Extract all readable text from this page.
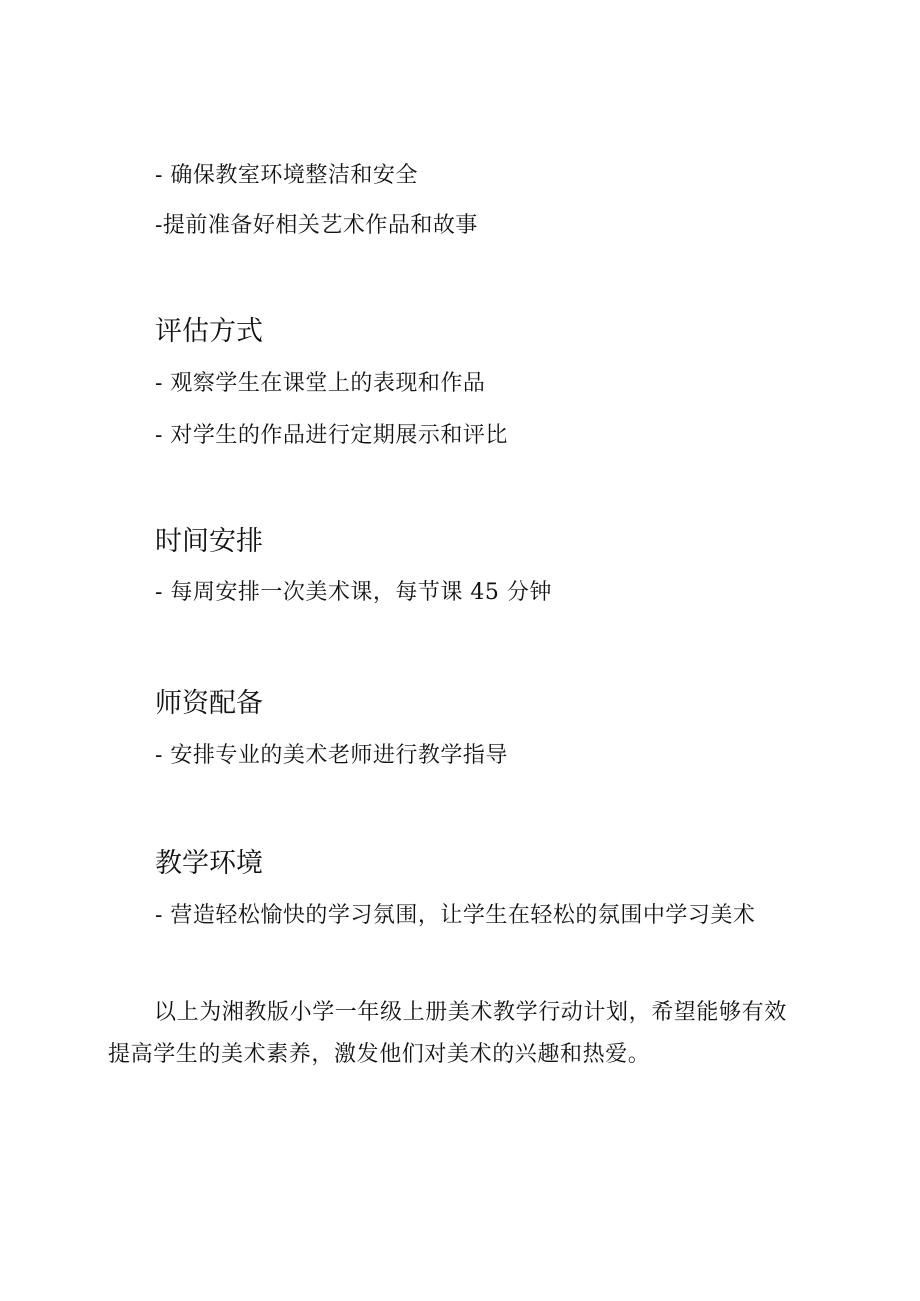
- 确保教室环境整洁和安全
-提前准备好相关艺术作品和故事
评估方式
- 观察学生在课堂上的表现和作品
- 对学生的作品进行定期展示和评比
时间安排
- 每周安排一次美术课，每节课 45 分钟
师资配备
- 安排专业的美术老师进行教学指导
教学环境
- 营造轻松愉快的学习氛围，让学生在轻松的氛围中学习美术
以上为湘教版小学一年级上册美术教学行动计划，希望能够有效提高学生的美术素养，激发他们对美术的兴趣和热爱。
